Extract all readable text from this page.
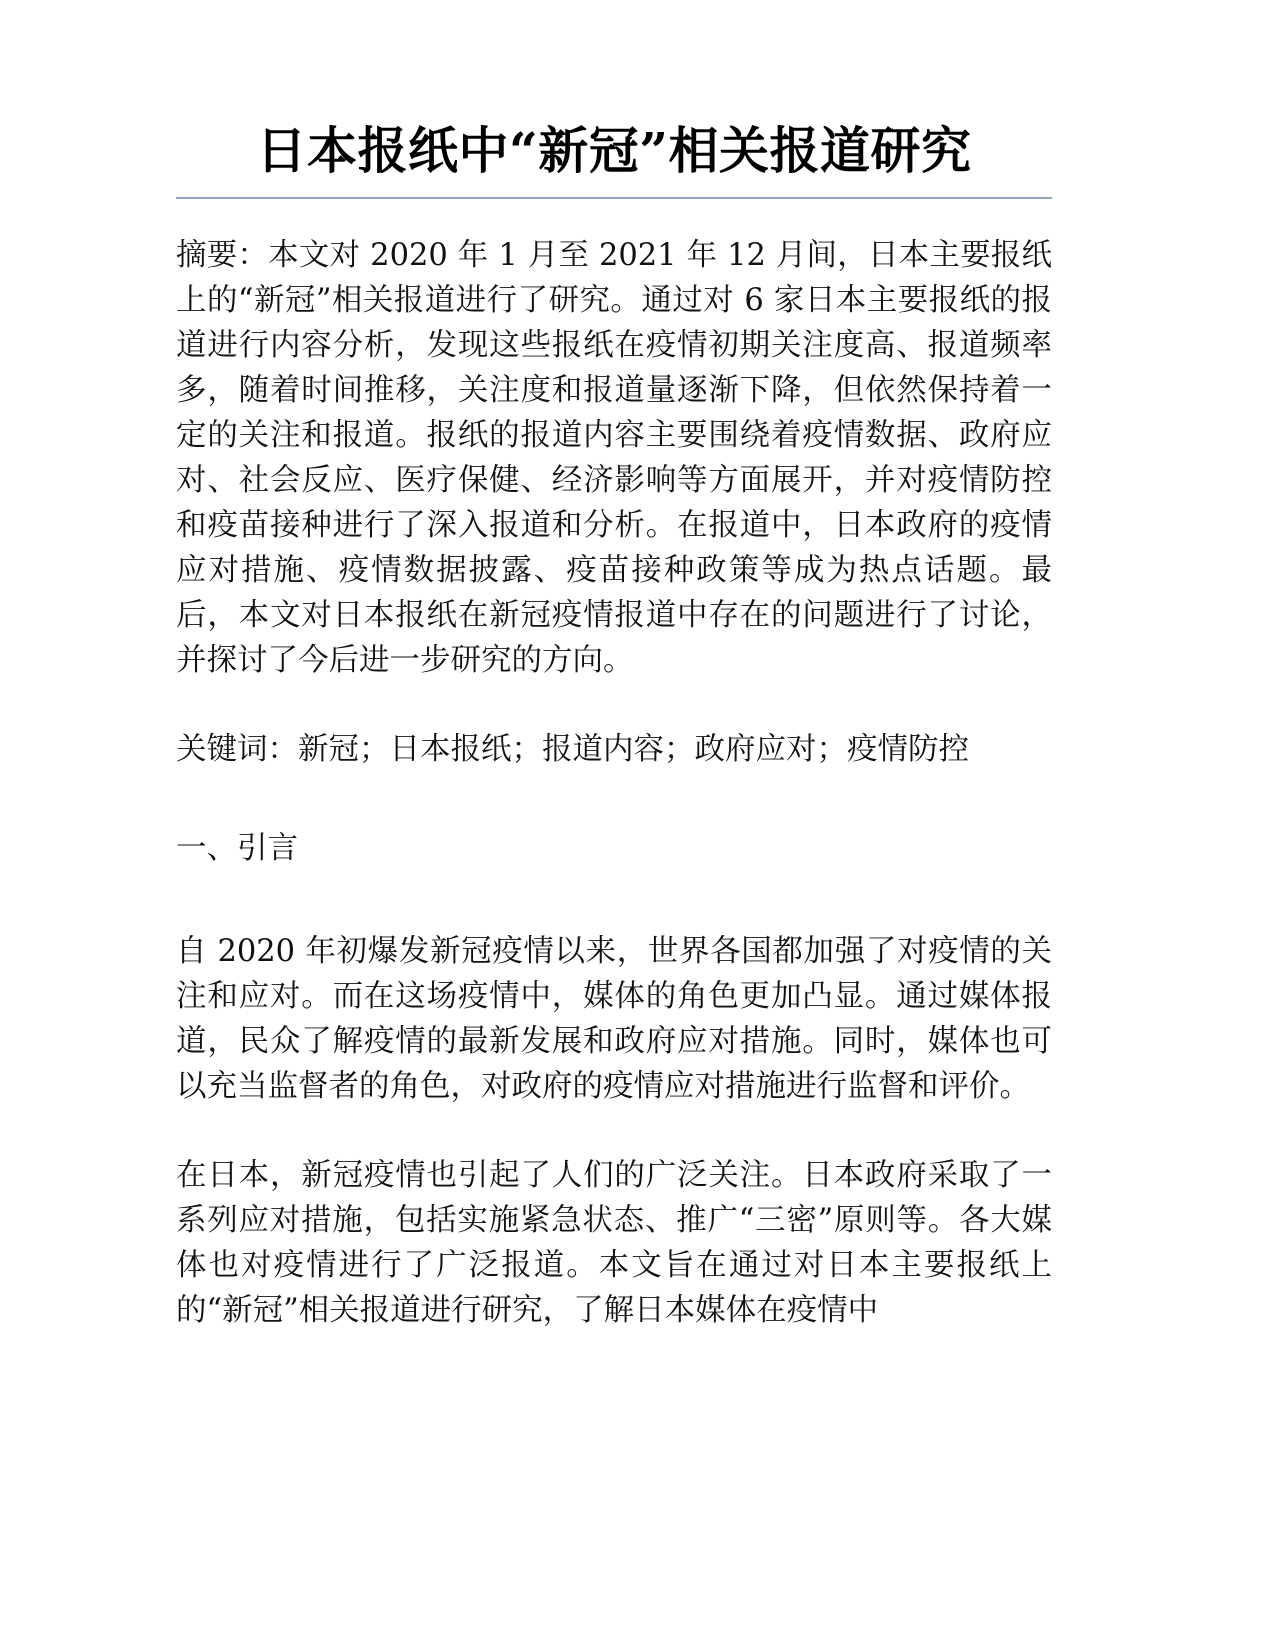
日本报纸中“新冠”相关报道研究

摘要：本文对 2020 年 1 月至 2021 年 12 月间，日本主要报纸上的“新冠”相关报道进行了研究。通过对 6 家日本主要报纸的报道进行内容分析，发现这些报纸在疫情初期关注度高、报道频率多，随着时间推移，关注度和报道量逐渐下降，但依然保持着一定的关注和报道。报纸的报道内容主要围绕着疫情数据、政府应对、社会反应、医疗保健、经济影响等方面展开，并对疫情防控和疫苗接种进行了深入报道和分析。在报道中，日本政府的疫情应对措施、疫情数据披露、疫苗接种政策等成为热点话题。最后，本文对日本报纸在新冠疫情报道中存在的问题进行了讨论，并探讨了今后进一步研究的方向。

关键词：新冠；日本报纸；报道内容；政府应对；疫情防控

一、引言

自 2020 年初爆发新冠疫情以来，世界各国都加强了对疫情的关注和应对。而在这场疫情中，媒体的角色更加凸显。通过媒体报道，民众了解疫情的最新发展和政府应对措施。同时，媒体也可以充当监督者的角色，对政府的疫情应对措施进行监督和评价。

在日本，新冠疫情也引起了人们的广泛关注。日本政府采取了一系列应对措施，包括实施紧急状态、推广“三密”原则等。各大媒体也对疫情进行了广泛报道。本文旨在通过对日本主要报纸上的“新冠”相关报道进行研究，了解日本媒体在疫情中
